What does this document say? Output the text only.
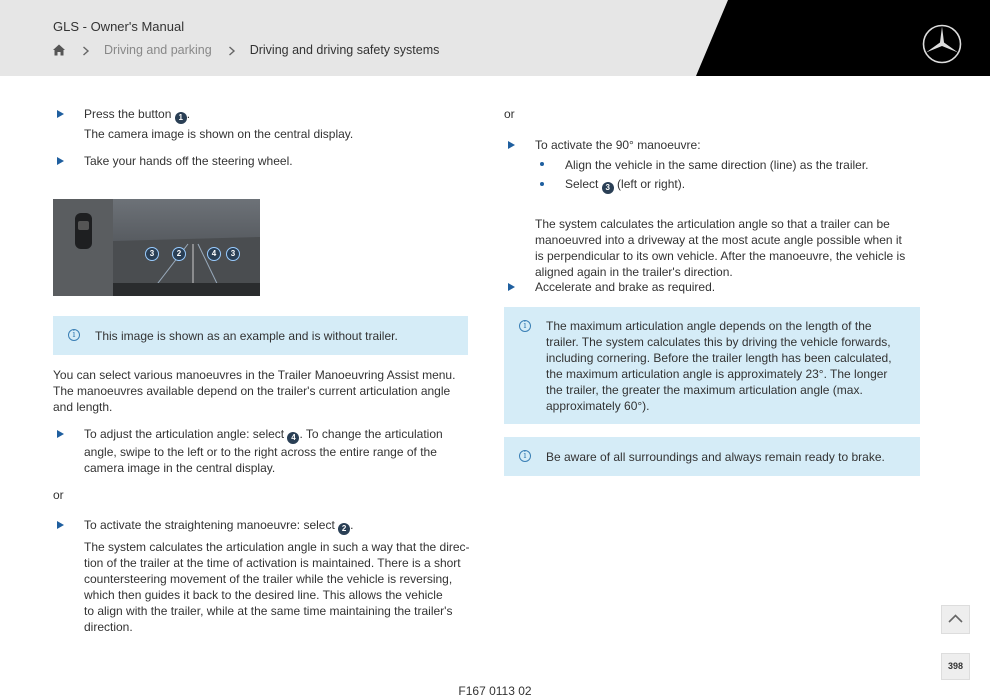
GLS - Owner's Manual
Driving and parking	Driving and driving safety systems
Press the button 1 .
The camera image is shown on the central display.
Take your hands off the steering wheel.
3	2	4	3
i	This image is shown as an example and is without trailer.
You can select various manoeuvres in the Trailer Manoeuvring Assist menu.
The manoeuvres available depend on the trailer's current articulation angle
and length.
To adjust the articulation angle: select 4 . To change the articulation
angle, swipe to the left or to the right across the entire range of the
camera image in the central display.
or
To activate the straightening manoeuvre: select 2 .
The system calculates the articulation angle in such a way that the direc-
tion of the trailer at the time of activation is maintained. There is a short
countersteering movement of the trailer while the vehicle is reversing,
which then guides it back to the desired line. This allows the vehicle
to align with the trailer, while at the same time maintaining the trailer's
direction.
or
To activate the 90° manoeuvre:
Align the vehicle in the same direction (line) as the trailer.
Select 3 (left or right).
The system calculates the articulation angle so that a trailer can be
manoeuvred into a driveway at the most acute angle possible when it
is perpendicular to its own vehicle. After the manoeuvre, the vehicle is
aligned again in the trailer's direction.
Accelerate and brake as required.
i	The maximum articulation angle depends on the length of the
trailer. The system calculates this by driving the vehicle forwards,
including cornering. Before the trailer length has been calculated,
the maximum articulation angle is approximately 23°. The longer
the trailer, the greater the maximum articulation angle (max.
approximately 60°).
i	Be aware of all surroundings and always remain ready to brake.
398
F167 0113 02
